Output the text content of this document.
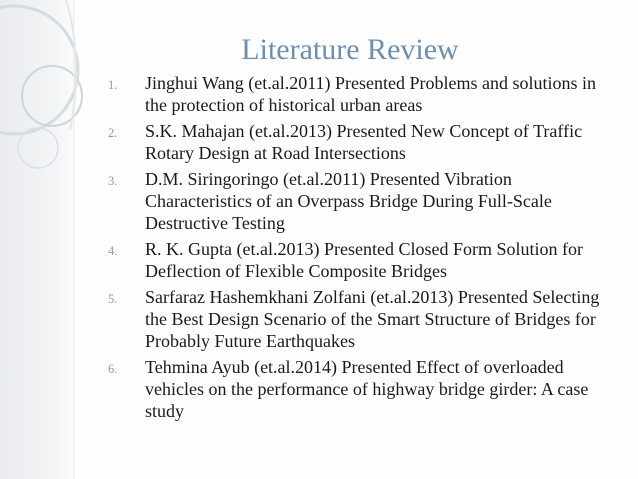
Literature Review
1. Jinghui Wang (et.al.2011) Presented Problems and solutions in the protection of historical urban areas
2. S.K. Mahajan (et.al.2013) Presented New Concept of Traffic Rotary Design at Road Intersections
3. D.M. Siringoringo (et.al.2011) Presented Vibration Characteristics of an Overpass Bridge During Full-Scale Destructive Testing
4. R. K. Gupta (et.al.2013) Presented Closed Form Solution for Deflection of Flexible Composite Bridges
5. Sarfaraz Hashemkhani Zolfani (et.al.2013) Presented Selecting the Best Design Scenario of the Smart Structure of Bridges for Probably Future Earthquakes
6. Tehmina Ayub (et.al.2014) Presented Effect of overloaded vehicles on the performance of highway bridge girder: A case study
